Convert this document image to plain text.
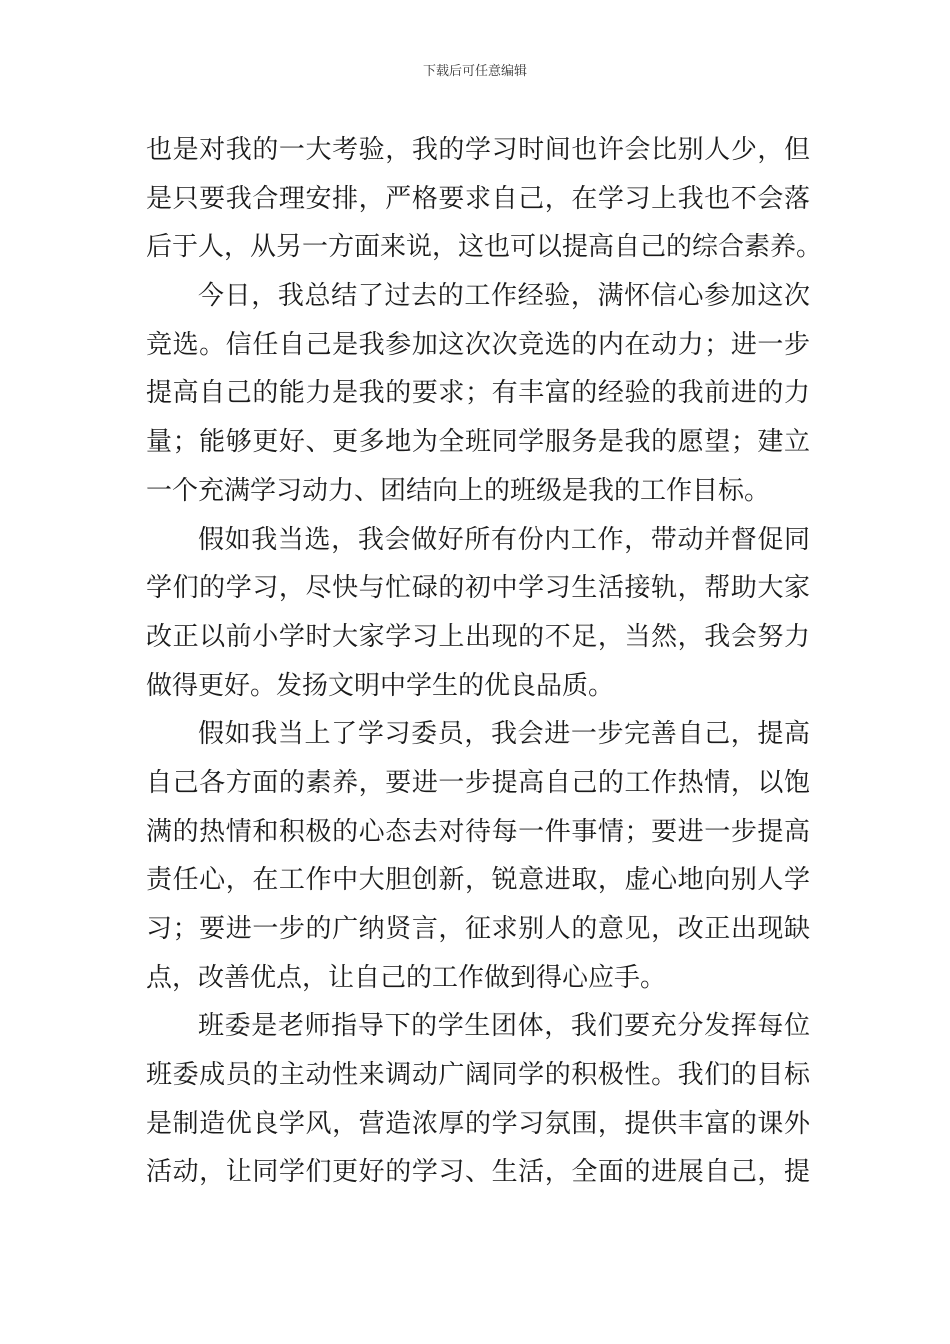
下载后可任意编辑
也是对我的一大考验，我的学习时间也许会比别人少，但
是只要我合理安排，严格要求自己，在学习上我也不会落
后于人，从另一方面来说，这也可以提高自己的综合素养。
今日，我总结了过去的工作经验，满怀信心参加这次
竞选。信任自己是我参加这次次竞选的内在动力；进一步
提高自己的能力是我的要求；有丰富的经验的我前进的力
量；能够更好、更多地为全班同学服务是我的愿望；建立
一个充满学习动力、团结向上的班级是我的工作目标。
假如我当选，我会做好所有份内工作，带动并督促同
学们的学习，尽快与忙碌的初中学习生活接轨，帮助大家
改正以前小学时大家学习上出现的不足，当然，我会努力
做得更好。发扬文明中学生的优良品质。
假如我当上了学习委员，我会进一步完善自己，提高
自己各方面的素养，要进一步提高自己的工作热情，以饱
满的热情和积极的心态去对待每一件事情；要进一步提高
责任心，在工作中大胆创新，锐意进取，虚心地向别人学
习；要进一步的广纳贤言，征求别人的意见，改正出现缺
点，改善优点，让自己的工作做到得心应手。
班委是老师指导下的学生团体，我们要充分发挥每位
班委成员的主动性来调动广阔同学的积极性。我们的目标
是制造优良学风，营造浓厚的学习氛围，提供丰富的课外
活动，让同学们更好的学习、生活，全面的进展自己，提
